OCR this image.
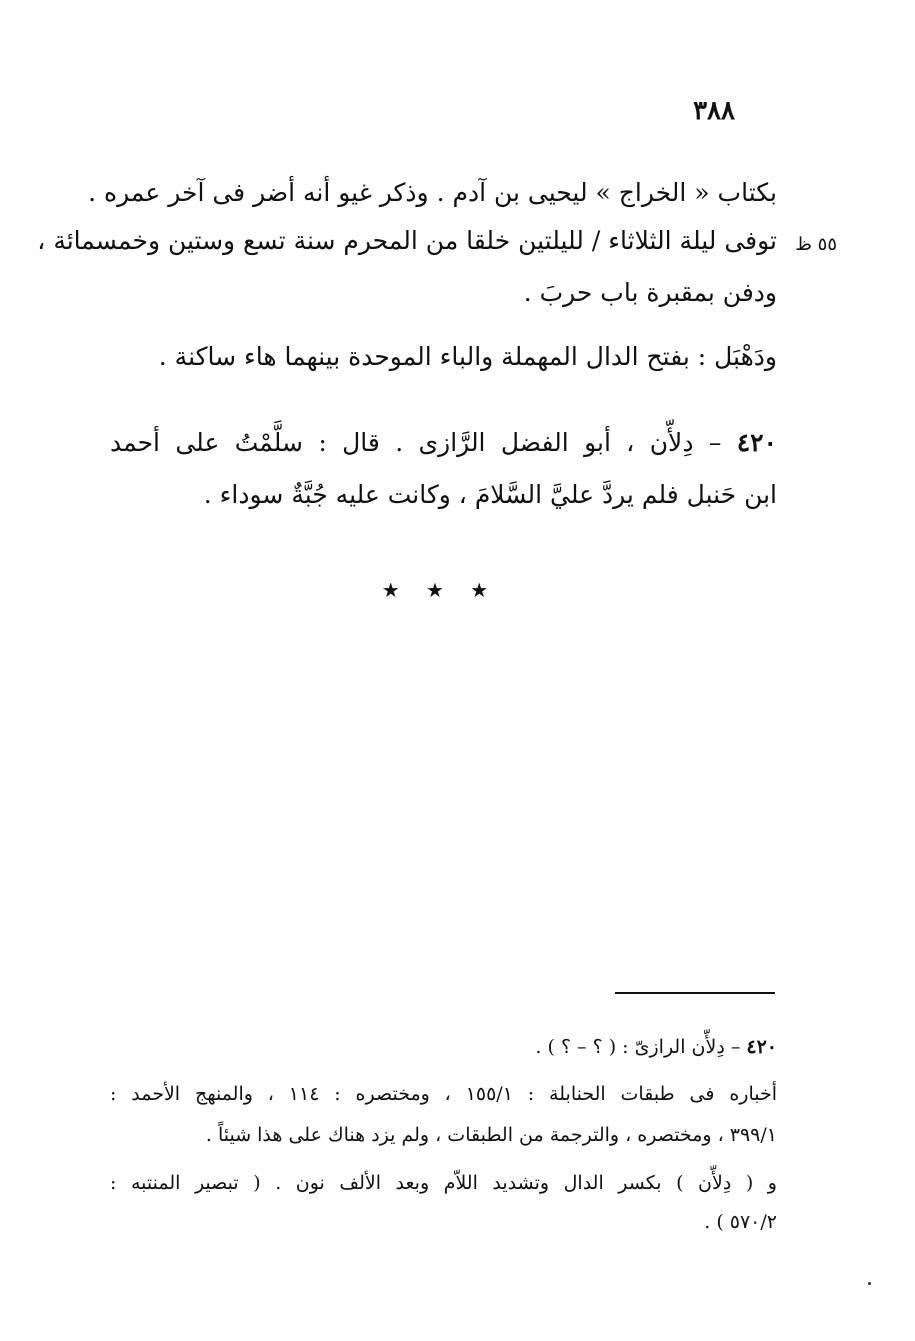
٣٨٨
بكتاب « الخراج » ليحيى بن آدم . وذكر غيو أنه أضر فى آخر عمره .
٥٥ ظ
توفى ليلة الثلاثاء / لليلتين خلقا من المحرم سنة تسع وستين وخمسمائة ،
ودفن بمقبرة باب حربَ .
ودَهْبَل : بفتح الدال المهملة والباء الموحدة بينهما هاء ساكنة .
٤٢٠ – دِلأّن ، أبو الفضل الرَّازى . قال : سلَّمْتُ على أحمد
ابن حَنبل فلم يردَّ عليَّ السَّلامَ ، وكانت عليه جُبَّةٌ سوداء .
★ ★ ★
٤٢٠ – دِلأّن الرازىّ : ( ؟ – ؟ ) .
أخباره فى طبقات الحنابلة : ١٥٥/١ ، ومختصره : ١١٤ ، والمنهج الأحمد :
٣٩٩/١ ، ومختصره ، والترجمة من الطبقات ، ولم يزد هناك على هذا شيئاً .
و ( دِلأّن ) بكسر الدال وتشديد اللاّم وبعد الألف نون . ( تبصير المنتبه :
٥٧٠/٢ ) .
